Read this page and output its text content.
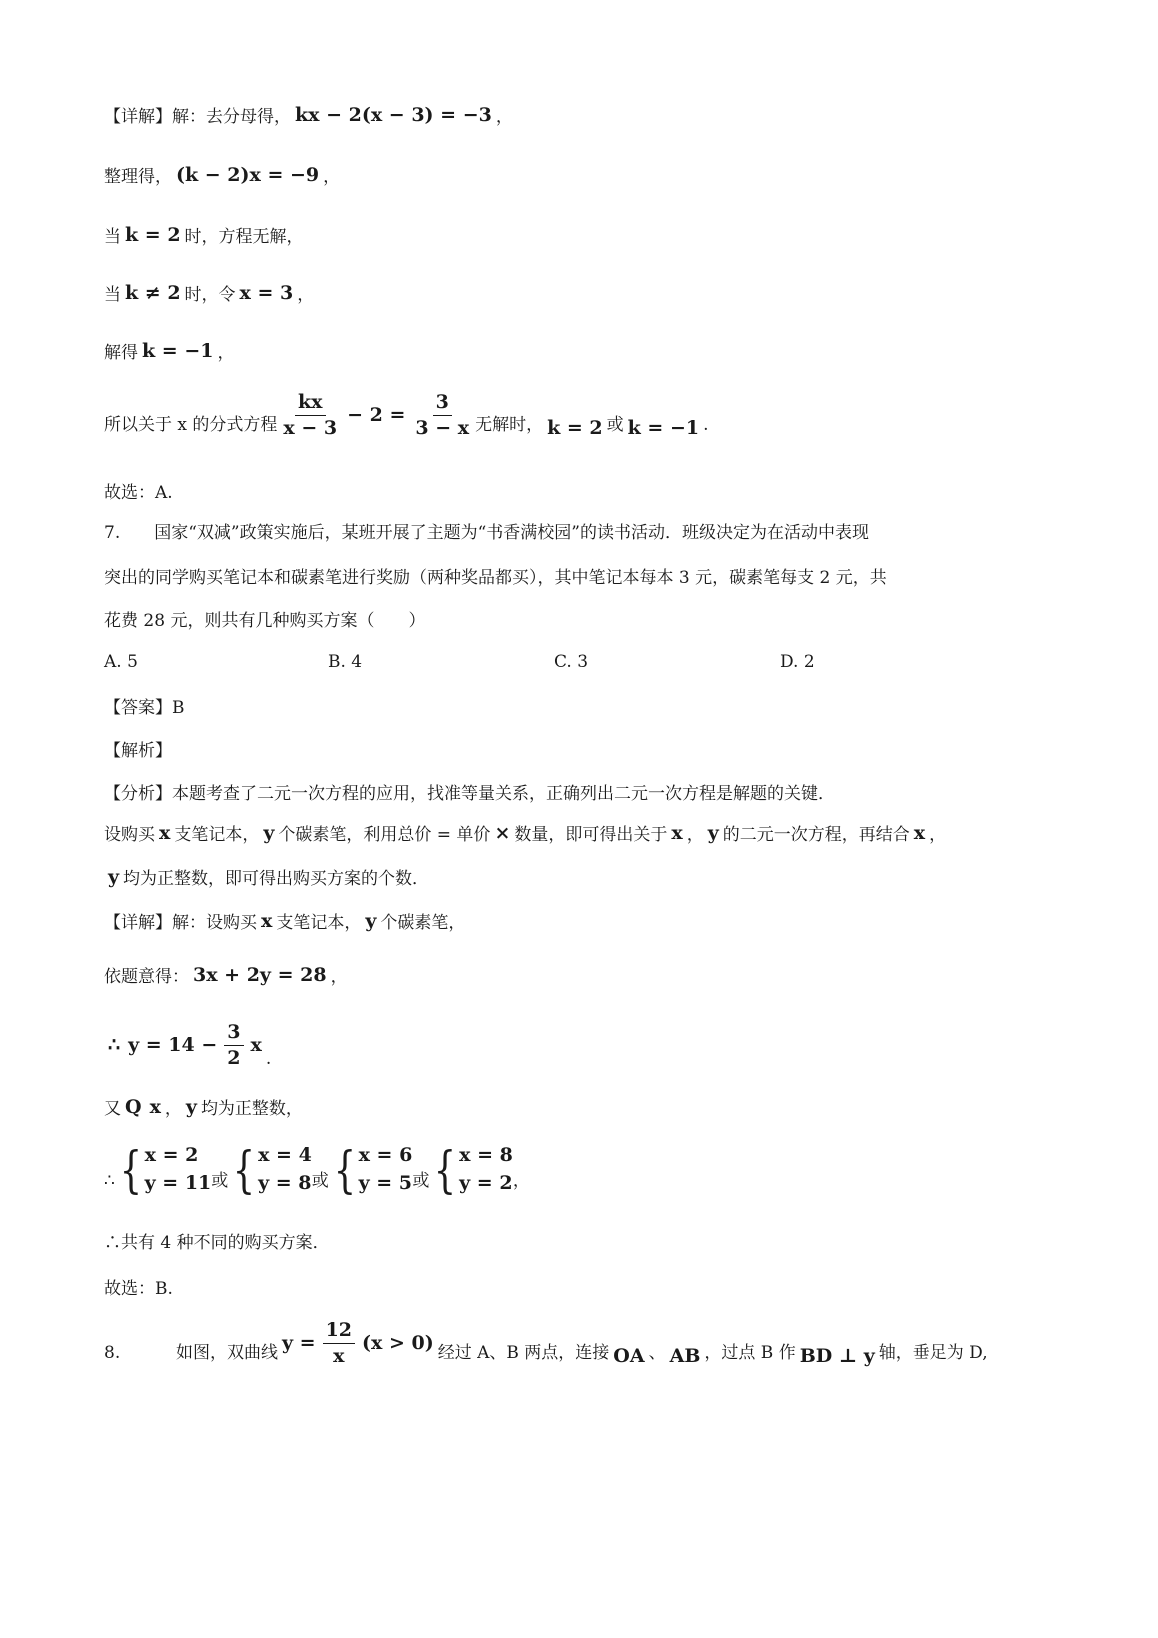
【详解】解：去分母得， kx − 2(x − 3) = −3 ，
整理得， (k − 2)x = −9 ，
当 k = 2 时，方程无解，
当 k ≠ 2 时，令 x = 3 ，
解得 k = −1 ，
所以关于 x 的分式方程 $\frac{kx}{x - 3} - 2 = \frac{3}{3 - x}$ 无解时， k = 2 或 k = −1 .
故选：A.
7.　　国家“双减”政策实施后，某班开展了主题为“书香满校园”的读书活动．班级决定为在活动中表现
突出的同学购买笔记本和碳素笔进行奖励（两种奖品都买），其中笔记本每本 3 元，碳素笔每支 2 元，共
花费 28 元，则共有几种购买方案（　　）
A. 5	B. 4	C. 3	D. 2
【答案】B
【解析】
【分析】本题考查了二元一次方程的应用，找准等量关系，正确列出二元一次方程是解题的关键．
设购买 x 支笔记本， y 个碳素笔，利用总价 = 单价 × 数量，即可得出关于 x ， y 的二元一次方程，再结合 x ，
y 均为正整数，即可得出购买方案的个数．
【详解】解：设购买 x 支笔记本， y 个碳素笔，
依题意得： 3x + 2y = 28 ，
∴ $y = 14 - \frac{3}{2}$ x
.
又 Q x ， y 均为正整数，
∴ { x = 2
y = 11 或 { x = 4
y = 8 或 { x = 6
y = 5 或 { x = 8
y = 2 ，
∴共有 4 种不同的购买方案．
故选：B.
8.	如图，双曲线 $y = \frac{12}{x} (x > 0)$ 经过 A、B 两点，连接 OA 、 AB ，过点 B 作 BD ⊥ y 轴，垂足为 D,
